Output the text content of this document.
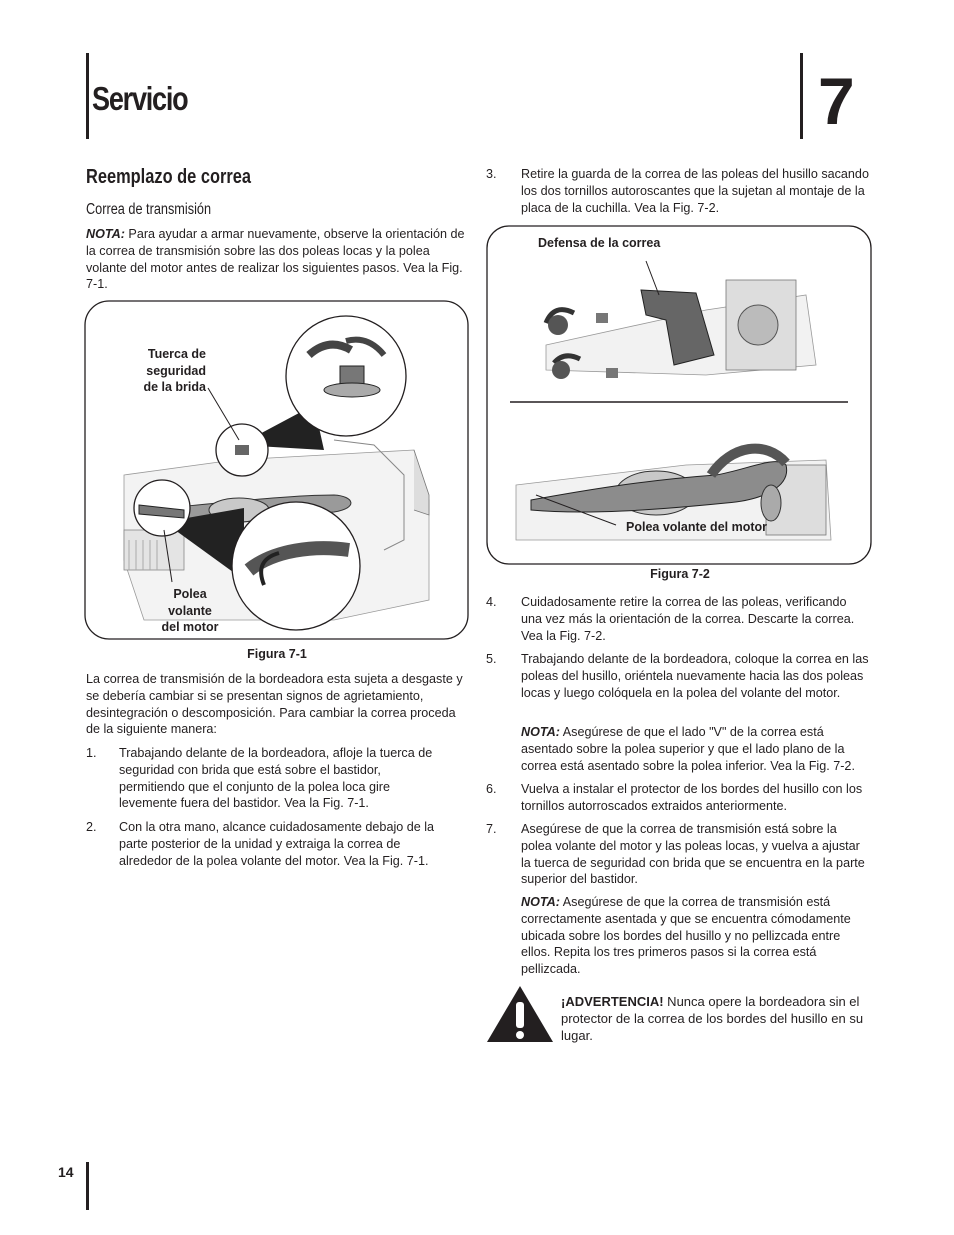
Servicio	7
Reemplazo de correa
Correa de transmisión
NOTA: Para ayudar a armar nuevamente, observe la orientación de la correa de transmisión sobre las dos poleas locas y la polea volante del motor antes de realizar los siguientes pasos. Vea la Fig. 7-1.
Tuerca de
seguridad
de la brida
Polea
volante
del motor
Figura 7-1
La correa de transmisión de la bordeadora esta sujeta a desgaste y se debería cambiar si se presentan signos de agrietamiento, desintegración o descomposición. Para cambiar la correa proceda de la siguiente manera:
1. Trabajando delante de la bordeadora, afloje la tuerca de seguridad con brida que está sobre el bastidor, permitiendo que el conjunto de la polea loca gire levemente fuera del bastidor. Vea la Fig. 7-1.
2. Con la otra mano, alcance cuidadosamente debajo de la parte posterior de la unidad y extraiga la correa de alrededor de la polea volante del motor. Vea la Fig. 7-1.
3. Retire la guarda de la correa de las poleas del husillo sacando los dos tornillos autoroscantes que la sujetan al montaje de la placa de la cuchilla. Vea la Fig. 7-2.
Defensa de la correa
Polea volante del motor
Figura 7-2
4. Cuidadosamente retire la correa de las poleas, verificando una vez más la orientación de la correa. Descarte la correa. Vea la Fig. 7-2.
5. Trabajando delante de la bordeadora, coloque la correa en las poleas del husillo, oriéntela nuevamente hacia las dos poleas locas y luego colóquela en la polea del volante del motor.
NOTA: Asegúrese de que el lado "V" de la correa está asentado sobre la polea superior y que el lado plano de la correa está asentado sobre la polea inferior. Vea la Fig. 7-2.
6. Vuelva a instalar el protector de los bordes del husillo con los tornillos autorroscados extraidos anteriormente.
7. Asegúrese de que la correa de transmisión está sobre la polea volante del motor y las poleas locas, y vuelva a ajustar la tuerca de seguridad con brida que se encuentra en la parte superior del bastidor.
NOTA: Asegúrese de que la correa de transmisión está correctamente asentada y que se encuentra cómodamente ubicada sobre los bordes del husillo y no pellizcada entre ellos. Repita los tres primeros pasos si la correa está pellizcada.
¡ADVERTENCIA! Nunca opere la bordeadora sin el protector de la correa de los bordes del husillo en su lugar.
14
